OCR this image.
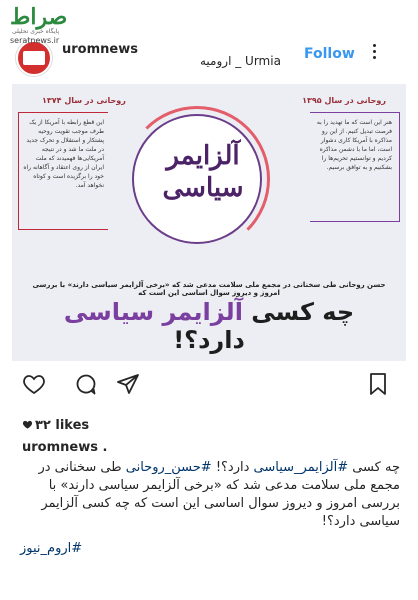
صراط
پایگاه خبری تحلیلی
seratnews.ir
uromnews
ارومیه _ Urmia Follow
روحانی در سال ۱۳۹۵
روحانی در سال ۱۳۷۴
هنر این است که ما تهدید را به فرصت تبدیل کنیم. از این رو مذاکره با آمریکا کاری دشوار است، اما ما با دشمن مذاکره کردیم و توانستیم تحریم‌ها را بشکنیم و به توافق برسیم.
این قطع رابطه با آمریکا از یک طرف موجب تقویت روحیه پشتکار و استقلال و تحرک جدید در ملت ما شد و در نتیجه آمریکایی‌ها فهمیدند که ملت ایران از روی اعتقاد و آگاهانه راه خود را برگزیده است و کوتاه نخواهد آمد.
آلزایمر سیاسی
حسن روحانی طی سخنانی در مجمع ملی سلامت مدعی شد که «برخی آلزایمر سیاسی دارند» با بررسی امروز و دیروز سوال اساسی این است که
چه کسی آلزایمر سیاسی دارد؟!
۳۲ likes
uromnews .
چه کسی #آلزایمر_سیاسی دارد؟! #حسن_روحانی طی سخنانی در مجمع ملی سلامت مدعی شد که «برخی آلزایمر سیاسی دارند» با بررسی امروز و دیروز سوال اساسی این است که چه کسی آلزایمر سیاسی دارد؟!
#اروم_نیوز
